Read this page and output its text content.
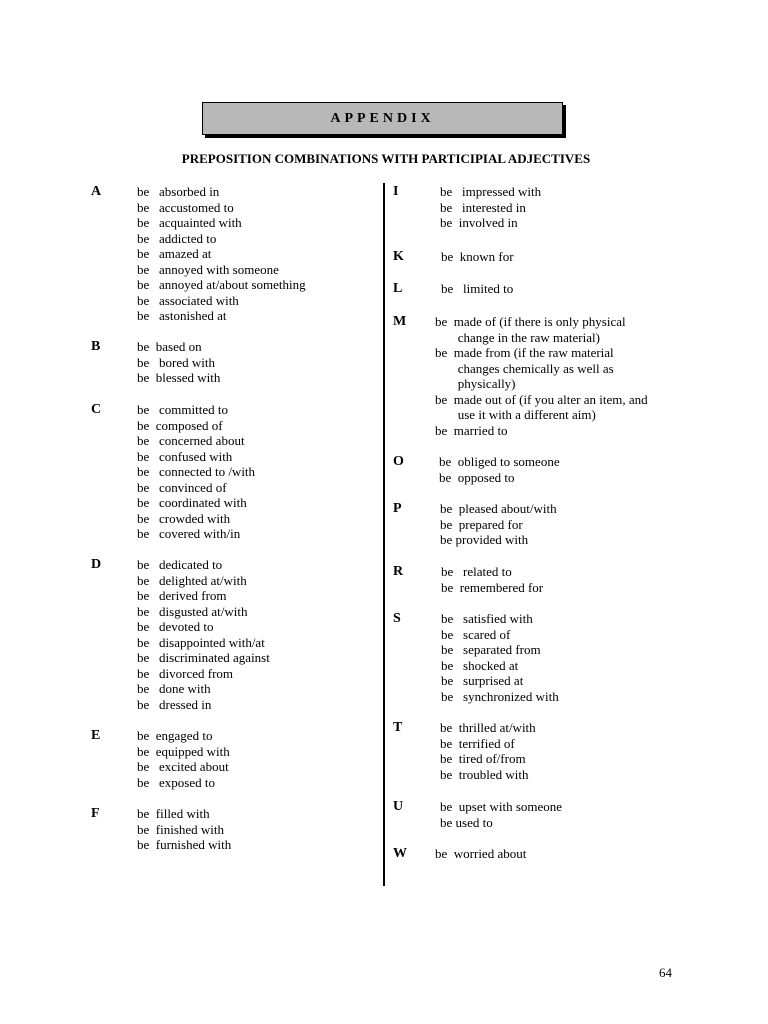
APPENDIX
PREPOSITION COMBINATIONS WITH PARTICIPIAL ADJECTIVES
A	be   absorbed in
be   accustomed to
be   acquainted with
be   addicted to
be   amazed at
be   annoyed with someone
be   annoyed at/about something
be   associated with
be   astonished at
B	be  based on
be   bored with
be  blessed with
C	be   committed to
be  composed of
be   concerned about
be   confused with
be   connected to /with
be   convinced of
be   coordinated with
be   crowded with
be   covered with/in
D	be   dedicated to
be   delighted at/with
be   derived from
be   disgusted at/with
be   devoted to
be   disappointed with/at
be   discriminated against
be   divorced from
be   done with
be   dressed in
E	be  engaged to
be  equipped with
be   excited about
be   exposed to
F	be  filled with
be  finished with
be  furnished with
I	be   impressed with
be   interested in
be  involved in
K	be  known for
L	be   limited to
M be  made of (if there is only physical
change in the raw material)
be  made from (if the raw material
changes chemically as well as
physically)
be  made out of (if you alter an item, and
use it with a different aim)
be  married to
O	be  obliged to someone
be  opposed to
P	be  pleased about/with
be  prepared for
be provided with
R	be   related to
be  remembered for
S	be   satisfied with
be   scared of
be   separated from
be   shocked at
be   surprised at
be   synchronized with
T	be  thrilled at/with
be  terrified of
be  tired of/from
be  troubled with
U	be  upset with someone
be used to
W be  worried about
64
